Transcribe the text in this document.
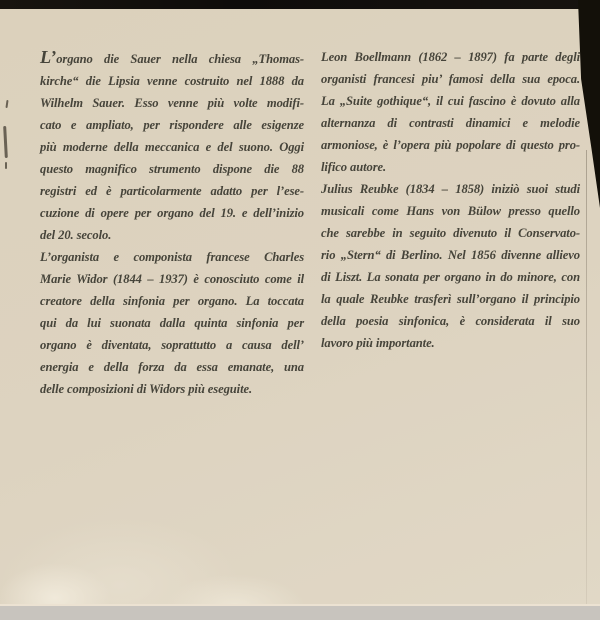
L’organo die Sauer nella chiesa „Thomas-
kirche“ die Lipsia venne costruito nel 1888 da
Wilhelm Sauer. Esso venne più volte modifi-
cato e ampliato, per rispondere alle esigenze
più moderne della meccanica e del suono. Oggi
questo magnifico strumento dispone die 88
registri ed è particolarmente adatto per l’ese-
cuzione di opere per organo del 19. e dell’inizio
del 20. secolo.
L’organista e componista francese Charles
Marie Widor (1844 – 1937) è conosciuto come il
creatore della sinfonia per organo. La toccata
qui da lui suonata dalla quinta sinfonia per
organo è diventata, soprattutto a causa dell’
energia e della forza da essa emanate, una
delle composizioni di Widors più eseguite.
Leon Boellmann (1862 – 1897) fa parte degli
organisti francesi piu’ famosi della sua epoca.
La „Suite gothique“, il cui fascino è dovuto alla
alternanza di contrasti dinamici e melodie
armoniose, è l’opera più popolare di questo pro-
lifico autore.
Julius Reubke (1834 – 1858) iniziò suoi studi
musicali come Hans von Bülow presso quello
che sarebbe in seguito divenuto il Conservato-
rio „Stern“ di Berlino. Nel 1856 divenne allievo
di Liszt. La sonata per organo in do minore, con
la quale Reubke trasferì sull’organo il principio
della poesia sinfonica, è considerata il suo
lavoro più importante.
